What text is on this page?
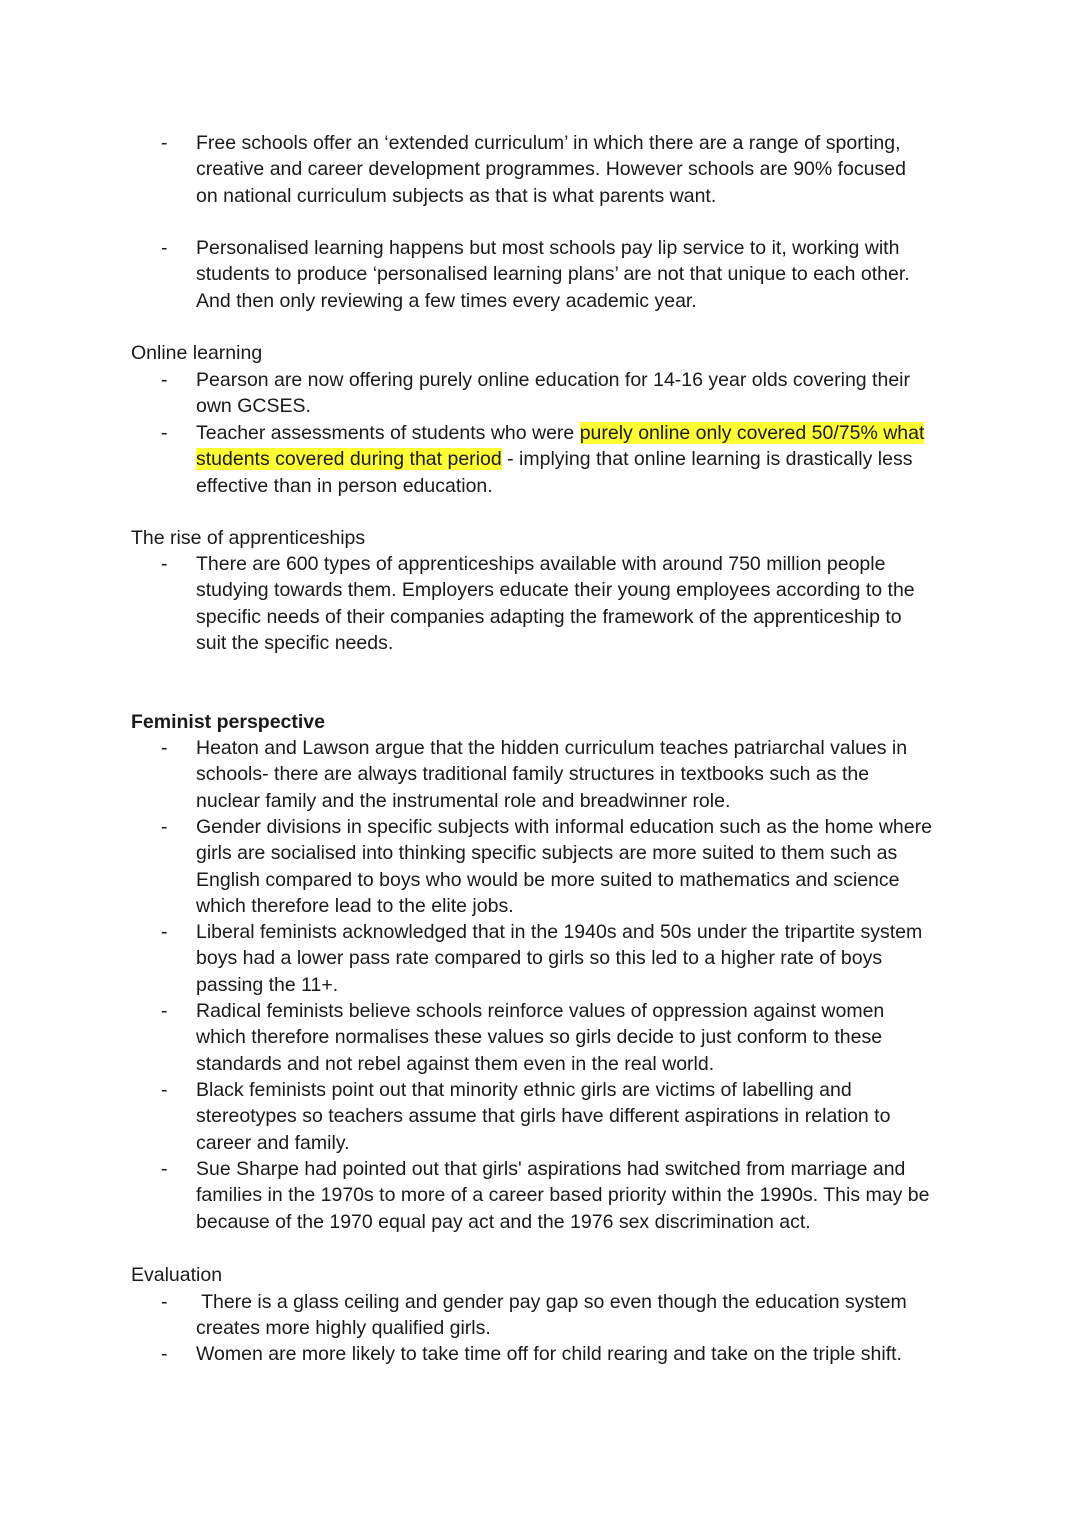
- Free schools offer an ‘extended curriculum’ in which there are a range of sporting,
creative and career development programmes. However schools are 90% focused
on national curriculum subjects as that is what parents want.
- Personalised learning happens but most schools pay lip service to it, working with
students to produce ‘personalised learning plans’ are not that unique to each other.
And then only reviewing a few times every academic year.
Online learning
- Pearson are now offering purely online education for 14-16 year olds covering their
own GCSES.
- Teacher assessments of students who were purely online only covered 50/75% what
students covered during that period - implying that online learning is drastically less
effective than in person education.
The rise of apprenticeships
- There are 600 types of apprenticeships available with around 750 million people
studying towards them. Employers educate their young employees according to the
specific needs of their companies adapting the framework of the apprenticeship to
suit the specific needs.
Feminist perspective
- Heaton and Lawson argue that the hidden curriculum teaches patriarchal values in
schools- there are always traditional family structures in textbooks such as the
nuclear family and the instrumental role and breadwinner role.
- Gender divisions in specific subjects with informal education such as the home where
girls are socialised into thinking specific subjects are more suited to them such as
English compared to boys who would be more suited to mathematics and science
which therefore lead to the elite jobs.
- Liberal feminists acknowledged that in the 1940s and 50s under the tripartite system
boys had a lower pass rate compared to girls so this led to a higher rate of boys
passing the 11+.
- Radical feminists believe schools reinforce values of oppression against women
which therefore normalises these values so girls decide to just conform to these
standards and not rebel against them even in the real world.
- Black feminists point out that minority ethnic girls are victims of labelling and
stereotypes so teachers assume that girls have different aspirations in relation to
career and family.
- Sue Sharpe had pointed out that girls' aspirations had switched from marriage and
families in the 1970s to more of a career based priority within the 1990s. This may be
because of the 1970 equal pay act and the 1976 sex discrimination act.
Evaluation
- There is a glass ceiling and gender pay gap so even though the education system
creates more highly qualified girls.
- Women are more likely to take time off for child rearing and take on the triple shift.
